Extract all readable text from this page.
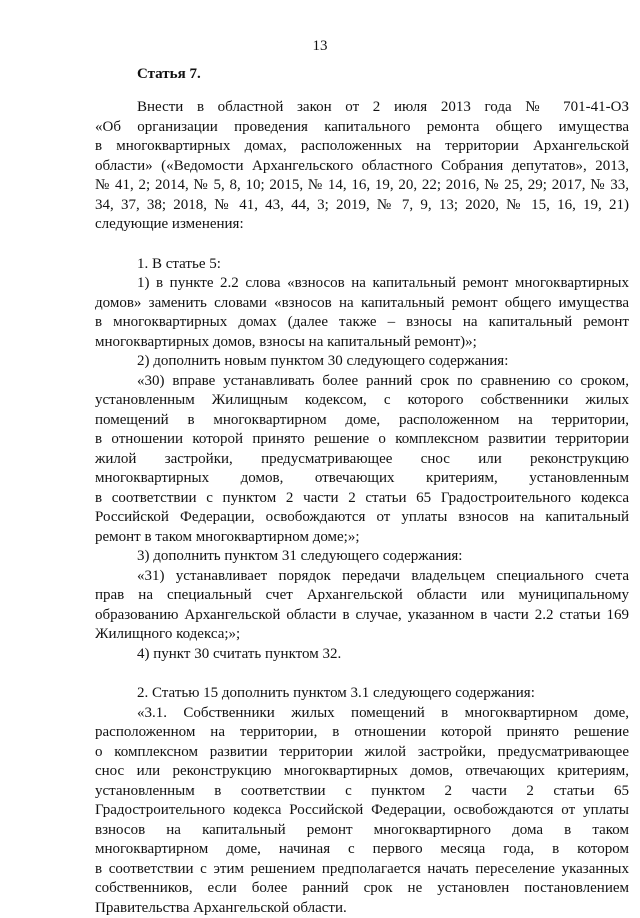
13
Статья 7.

Внести в областной закон от 2 июля 2013 года № 701-41-ОЗ

«Об организации проведения капитального ремонта общего имущества

в многоквартирных домах, расположенных на территории Архангельской

области» («Ведомости Архангельского областного Собрания депутатов», 2013,

№ 41, 2; 2014, № 5, 8, 10; 2015, № 14, 16, 19, 20, 22; 2016, № 25, 29; 2017, № 33,

34, 37, 38; 2018, № 41, 43, 44, 3; 2019, № 7, 9, 13; 2020, № 15, 16, 19, 21)

следующие изменения:

1. В статье 5:

1) в пункте 2.2 слова «взносов на капитальный ремонт многоквартирных

домов» заменить словами «взносов на капитальный ремонт общего имущества

в многоквартирных домах (далее также – взносы на капитальный ремонт

многоквартирных домов, взносы на капитальный ремонт)»;

2) дополнить новым пунктом 30 следующего содержания:

«30) вправе устанавливать более ранний срок по сравнению со сроком,

установленным Жилищным кодексом, с которого собственники жилых

помещений в многоквартирном доме, расположенном на территории,

в отношении которой принято решение о комплексном развитии территории

жилой застройки, предусматривающее снос или реконструкцию

многоквартирных домов, отвечающих критериям, установленным

в соответствии с пунктом 2 части 2 статьи 65 Градостроительного кодекса

Российской Федерации, освобождаются от уплаты взносов на капитальный

ремонт в таком многоквартирном доме;»;

3) дополнить пунктом 31 следующего содержания:

«31) устанавливает порядок передачи владельцем специального счета

прав на специальный счет Архангельской области или муниципальному

образованию Архангельской области в случае, указанном в части 2.2 статьи 169

Жилищного кодекса;»;

4) пункт 30 считать пунктом 32.

2. Статью 15 дополнить пунктом 3.1 следующего содержания:

«3.1. Собственники жилых помещений в многоквартирном доме,

расположенном на территории, в отношении которой принято решение

о комплексном развитии территории жилой застройки, предусматривающее

снос или реконструкцию многоквартирных домов, отвечающих критериям,

установленным в соответствии с пунктом 2 части 2 статьи 65

Градостроительного кодекса Российской Федерации, освобождаются от уплаты

взносов на капитальный ремонт многоквартирного дома в таком

многоквартирном доме, начиная с первого месяца года, в котором

в соответствии с этим решением предполагается начать переселение указанных

собственников, если более ранний срок не установлен постановлением

Правительства Архангельской области.
